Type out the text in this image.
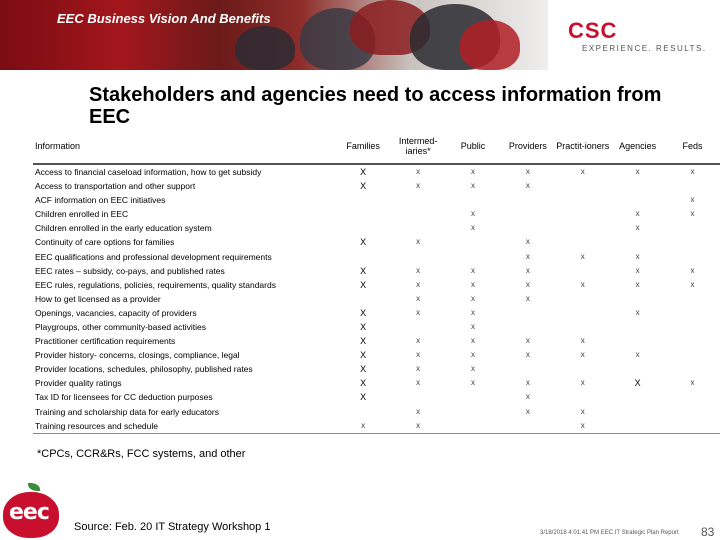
EEC Business Vision And Benefits	CSC
EXPERIENCE. RESULTS.
Stakeholders and agencies need to access information from EEC
Information	Families	Intermed-iaries*	Public	Providers	Practit-ioners	Agencies	Feds
Access to financial caseload information, how to get subsidy	X	x	x	x	x	x	x
Access to transportation and other support	X	x	x	x			
ACF information on EEC initiatives							x
Children enrolled in EEC			x			x	x
Children enrolled in the early education system			x			x	
Continuity of care options for families	X	x		x			
EEC qualifications and professional development requirements				x	x	x	
EEC rates – subsidy, co-pays, and published rates	X	x	x	x		x	x
EEC rules, regulations, policies, requirements, quality standards	X	x	x	x	x	x	x
How to get licensed as a provider		x	x	x			
Openings, vacancies, capacity of providers	X	x	x			x	
Playgroups, other community-based activities	X		x				
Practitioner certification requirements	X	x	x	x	x		
Provider history- concerns, closings, compliance, legal	X	x	x	x	x	x	
Provider locations, schedules, philosophy, published rates	X	x	x				
Provider quality ratings	X	x	x	x	x	X	x
Tax ID for licensees for CC deduction purposes	X			x			
Training and scholarship data for early educators		x		x	x		
Training resources and schedule	x	x			x		
*CPCs, CCR&Rs, FCC systems, and other
eec
Source: Feb. 20 IT Strategy Workshop 1	3/18/2018 4:01:41 PM EEC IT Strategic Plan Report 83
